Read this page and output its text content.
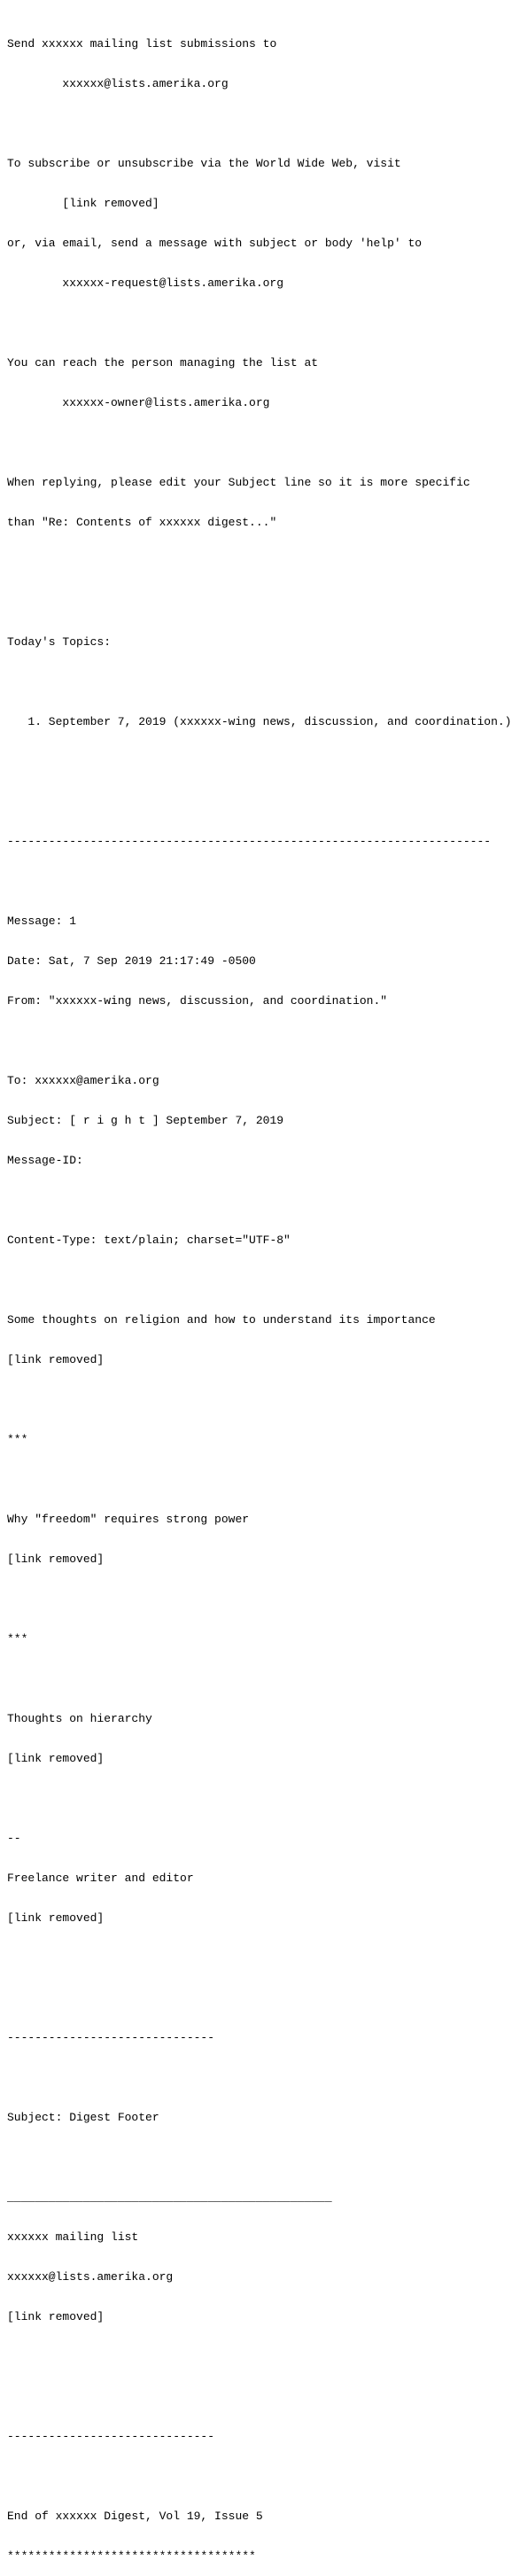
Send xxxxxx mailing list submissions to

xxxxxx@lists.amerika.org

To subscribe or unsubscribe via the World Wide Web, visit

[link removed]

or, via email, send a message with subject or body 'help' to

xxxxxx-request@lists.amerika.org

You can reach the person managing the list at

xxxxxx-owner@lists.amerika.org

When replying, please edit your Subject line so it is more specific

than "Re: Contents of xxxxxx digest..."

Today's Topics:

1. September 7, 2019 (xxxxxx-wing news, discussion, and coordination.)

----------------------------------------------------------------------

Message: 1

Date: Sat, 7 Sep 2019 21:17:49 -0500

From: "xxxxxx-wing news, discussion, and coordination."

To: xxxxxx@amerika.org

Subject: [ r i g h t ] September 7, 2019

Message-ID:

Content-Type: text/plain; charset="UTF-8"

Some thoughts on religion and how to understand its importance

[link removed]

***

Why "freedom" requires strong power

[link removed]

***

Thoughts on hierarchy

[link removed]

--

Freelance writer and editor

[link removed]

------------------------------

Subject: Digest Footer

_______________________________________________

xxxxxx mailing list

xxxxxx@lists.amerika.org

[link removed]

------------------------------

End of xxxxxx Digest, Vol 19, Issue 5

************************************
